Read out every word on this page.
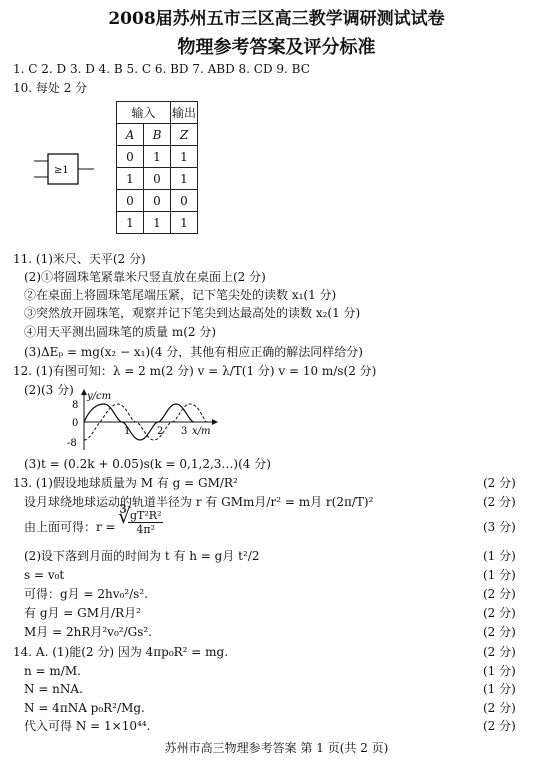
2008届苏州五市三区高三教学调研测试试卷
物理参考答案及评分标准
1. C 2. D 3. D 4. B 5. C 6. BD 7. ABD 8. CD 9. BC
10. 每处 2 分
≥1
输入		输出
A	B	Z
0	1	1
1	0	1
0	0	0
1	1	1
11. (1)米尺、天平(2 分)
(2)①将圆珠笔紧靠米尺竖直放在桌面上(2 分)
②在桌面上将圆珠笔尾端压紧，记下笔尖处的读数 x₁(1 分)
③突然放开圆珠笔，观察并记下笔尖到达最高处的读数 x₂(1 分)
④用天平测出圆珠笔的质量 m(2 分)
(3)ΔEₚ = mg(x₂ − x₁)(4 分，其他有相应正确的解法同样给分)
12. (1)有图可知：λ = 2 m(2 分) v = λ/T(1 分) v = 10 m/s(2 分)
(2)(3 分) y/cm
x/m
8
0
-8
1	2 3
(3)t = (0.2k + 0.05)s(k = 0,1,2,3…)(4 分)
13. (1)假设地球质量为 M 有 g = GM/R²	(2 分)
设月球绕地球运动的轨道半径为 r 有 GMm月/r² = m月 r(2π/T)²	(2 分)
由上面可得：r = ∛
$\frac{\text{gT²R²}}{\text{4π²}}$	(3 分)
(2)设下落到月面的时间为 t 有 h = g月 t²/2	(1 分)
s = v₀t	(1 分)
可得：g月 = 2hv₀²/s².	(2 分)
有 g月 = GM月/R月²	(2 分)
M月 = 2hR月²v₀²/Gs².	(2 分)
14. A. (1)能(2 分) 因为 4πp₀R² = mg.	(2 分)
n = m/M.	(1 分)
N = nNA.	(1 分)
N = 4πNA p₀R²/Mg.	(2 分)
代入可得 N = 1×10⁴⁴.	(2 分)
苏州市高三物理参考答案 第 1 页(共 2 页)
